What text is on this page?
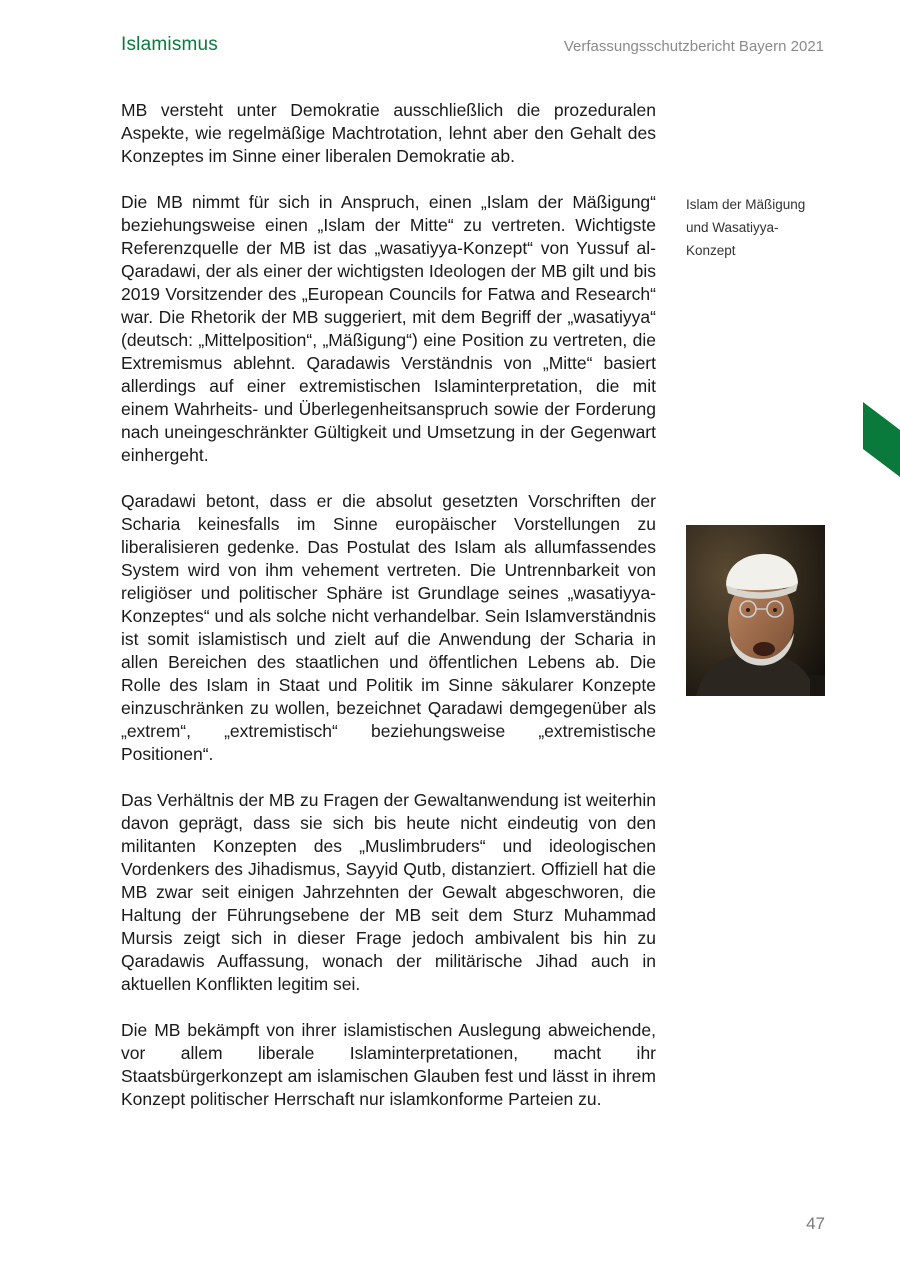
Islamismus	Verfassungsschutzbericht Bayern 2021

MB versteht unter Demokratie ausschließlich die prozeduralen Aspekte, wie regelmäßige Machtrotation, lehnt aber den Gehalt des Konzeptes im Sinne einer liberalen Demokratie ab.

Die MB nimmt für sich in Anspruch, einen „Islam der Mäßigung“ beziehungsweise einen „Islam der Mitte“ zu vertreten. Wichtigste Referenzquelle der MB ist das „wasatiyya-Konzept“ von Yussuf al-Qaradawi, der als einer der wichtigsten Ideologen der MB gilt und bis 2019 Vorsitzender des „European Councils for Fatwa and Research“ war. Die Rhetorik der MB suggeriert, mit dem Begriff der „wasatiyya“ (deutsch: „Mittelposition“, „Mäßigung“) eine Position zu vertreten, die Extremismus ablehnt. Qaradawis Verständnis von „Mitte“ basiert allerdings auf einer extremistischen Islaminterpretation, die mit einem Wahrheits- und Überlegenheitsanspruch sowie der Forderung nach uneingeschränkter Gültigkeit und Umsetzung in der Gegenwart einhergeht.

Qaradawi betont, dass er die absolut gesetzten Vorschriften der Scharia keinesfalls im Sinne europäischer Vorstellungen zu liberalisieren gedenke. Das Postulat des Islam als allumfassendes System wird von ihm vehement vertreten. Die Untrennbarkeit von religiöser und politischer Sphäre ist Grundlage seines „wasatiyya-Konzeptes“ und als solche nicht verhandelbar. Sein Islamverständnis ist somit islamistisch und zielt auf die Anwendung der Scharia in allen Bereichen des staatlichen und öffentlichen Lebens ab. Die Rolle des Islam in Staat und Politik im Sinne säkularer Konzepte einzuschränken zu wollen, bezeichnet Qaradawi demgegenüber als „extrem“, „extremistisch“ beziehungsweise „extremistische Positionen“.

Das Verhältnis der MB zu Fragen der Gewaltanwendung ist weiterhin davon geprägt, dass sie sich bis heute nicht eindeutig von den militanten Konzepten des „Muslimbruders“ und ideologischen Vordenkers des Jihadismus, Sayyid Qutb, distanziert. Offiziell hat die MB zwar seit einigen Jahrzehnten der Gewalt abgeschworen, die Haltung der Führungsebene der MB seit dem Sturz Muhammad Mursis zeigt sich in dieser Frage jedoch ambivalent bis hin zu Qaradawis Auffassung, wonach der militärische Jihad auch in aktuellen Konflikten legitim sei.

Die MB bekämpft von ihrer islamistischen Auslegung abweichende, vor allem liberale Islaminterpretationen, macht ihr Staatsbürgerkonzept am islamischen Glauben fest und lässt in ihrem Konzept politischer Herrschaft nur islamkonforme Parteien zu.

Islam der Mäßigung
und Wasatiyya-
Konzept
47
